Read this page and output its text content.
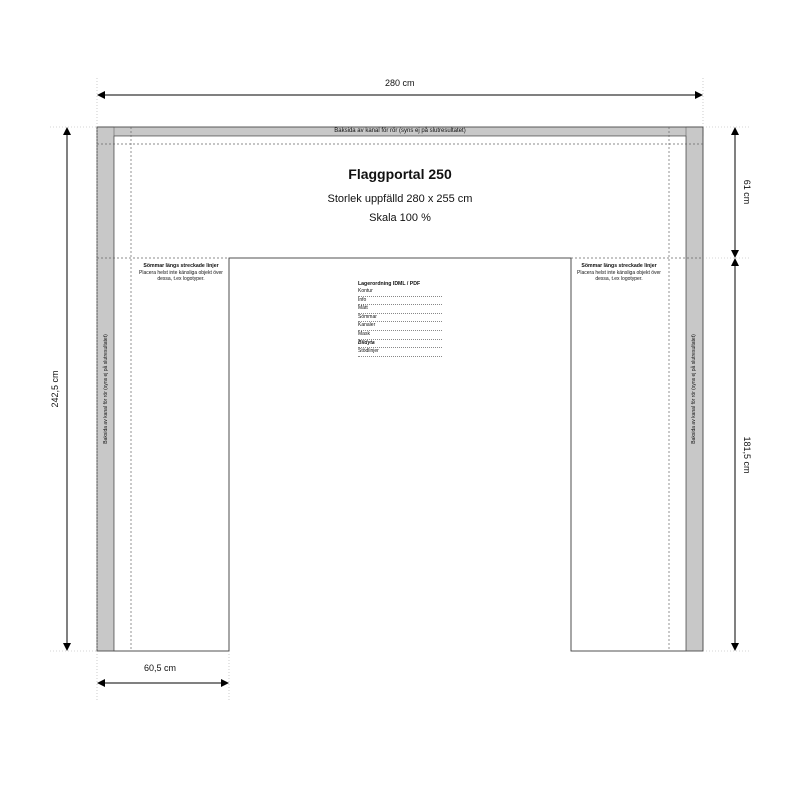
280 cm
60,5 cm
242,5 cm
61 cm
181,5 cm
Baksida av kanal för rör (syns ej på slutresultatet)
Baksida av kanal för rör (syns ej på slutresultatet)	Baksida av kanal för rör (syns ej på slutresultatet)
Flaggportal 250
Storlek uppfälld 280 x 255 cm
Skala 100 %
Sömmar längs streckade linjer
Placera helst inte känsliga objekt över dessa, t.ex logotyper.
Sömmar längs streckade linjer
Placera helst inte känsliga objekt över dessa, t.ex logotyper.
Lagerordning IDML / PDF
Kontur
Info
Mått
Sömmar
Kanaler
Mask
Bildyta
Stödlinjer
